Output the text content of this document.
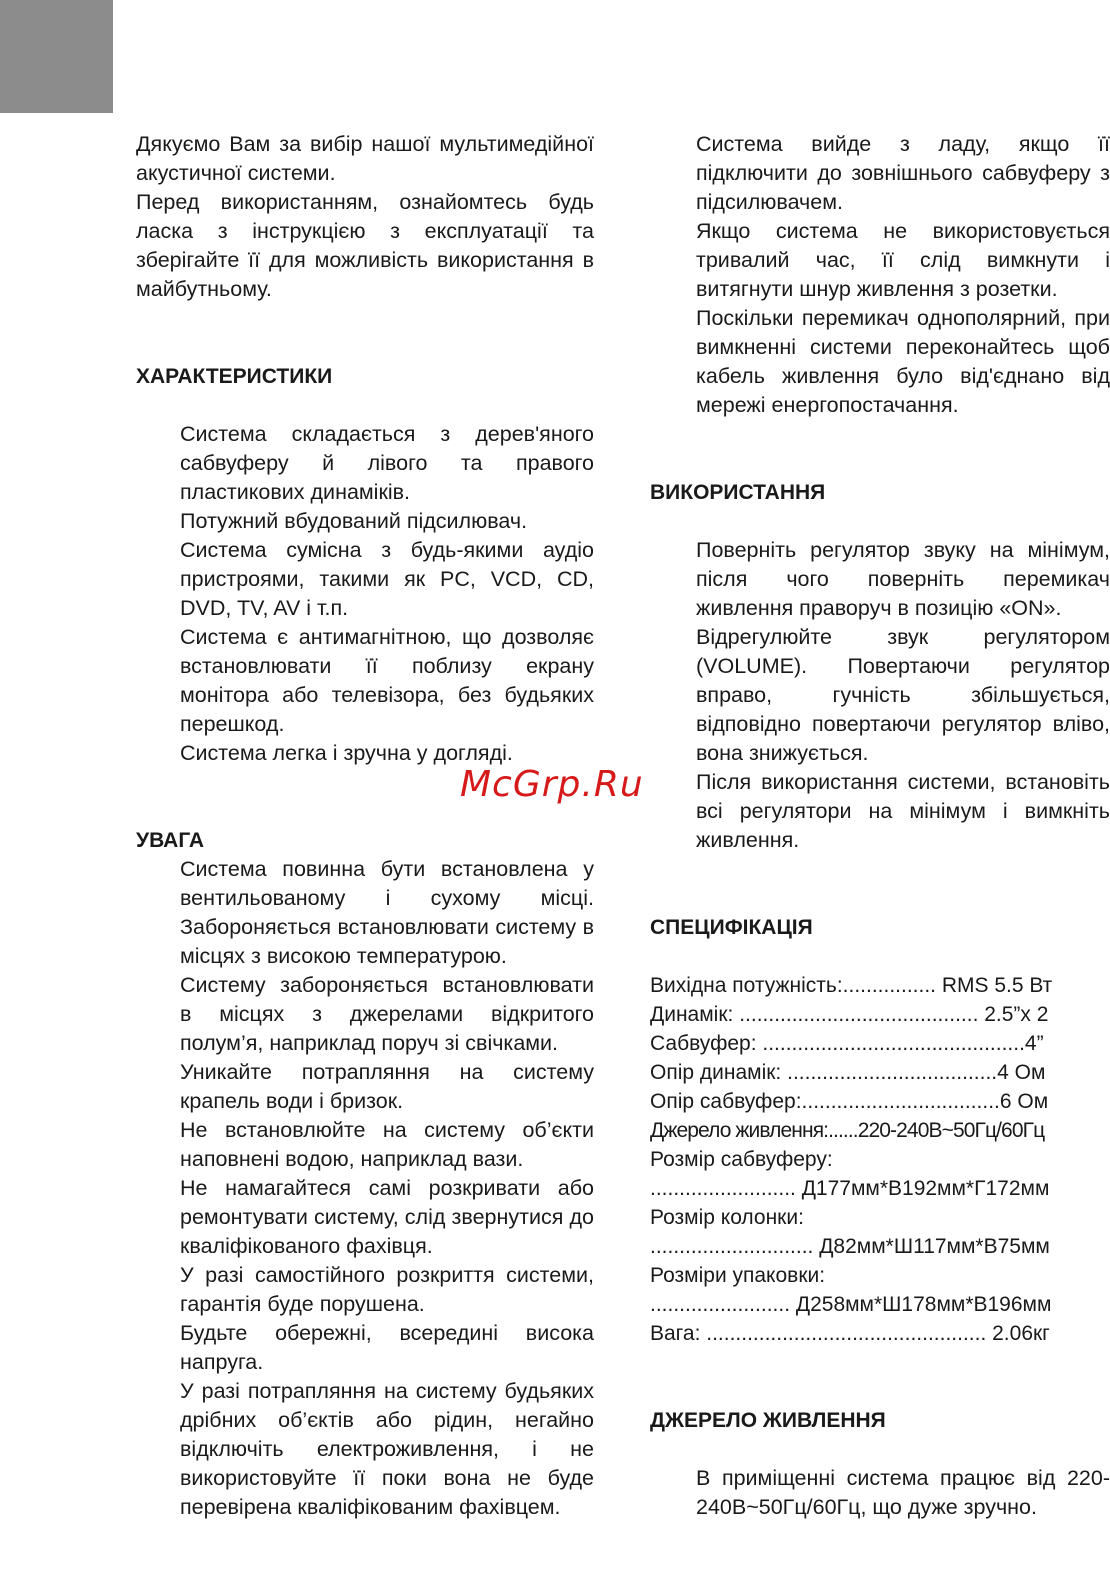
Дякуємо Вам за вибір нашої мультимедійної акустичної системи.

Перед використанням, ознайомтесь будь ласка з інструкцією з експлуатації та зберігайте її для можливість використання в майбутньому.

ХАРАКТЕРИСТИКИ

Система складається з дерев'яного сабвуферу й лівого та правого пластикових динаміків.

Потужний вбудований підсилювач.

Система сумісна з будь-якими аудіо пристроями, такими як PC, VCD, CD, DVD, TV, AV і т.п.

Система є антимагнітною, що дозволяє встановлювати її поблизу екрану монітора або телевізора, без будьяких перешкод.

Система легка і зручна у догляді.

УВАГА

Система повинна бути встановлена у вентильованому і сухому місці. Забороняється встановлювати систему в місцях з високою температурою.

Систему забороняється встановлювати в місцях з джерелами відкритого полум’я, наприклад поруч зі свічками.

Уникайте потрапляння на систему крапель води і бризок.

Не встановлюйте на систему об’єкти наповнені водою, наприклад вази.

Не намагайтеся самі розкривати або ремонтувати систему, слід звернутися до кваліфікованого фахівця.

У разі самостійного розкриття системи, гарантія буде порушена.

Будьте обережні, всередині висока напруга.

У разі потрапляння на систему будьяких дрібних об’єктів або рідин, негайно відключіть електроживлення, і не використовуйте її поки вона не буде перевірена кваліфікованим фахівцем.

Система вийде з ладу, якщо її підключити до зовнішнього сабвуферу з підсилювачем.

Якщо система не використовується тривалий час, її слід вимкнути і витягнути шнур живлення з розетки.

Поскільки перемикач однополярний, при вимкненні системи переконайтесь щоб кабель живлення було від'єднано від мережі енергопостачання.

ВИКОРИСТАННЯ

Поверніть регулятор звуку на мінімум, після чого поверніть перемикач живлення праворуч в позицію «ON».

Відрегулюйте звук регулятором (VOLUME). Повертаючи регулятор вправо, гучність збільшується, відповідно повертаючи регулятор вліво, вона знижується.

Після використання системи, встановіть всі регулятори на мінімум і вимкніть живлення.

СПЕЦИФІКАЦІЯ

Вихідна потужність:................ RMS 5.5 Вт

Динамік: ......................................... 2.5”х 2

Сабвуфер: .............................................4”

Опір динамік: ....................................4 Ом

Опір сабвуфер:..................................6 Ом

Джерело живлення:......220-240В~50Гц/60Гц

Розмір сабвуферу:

......................... Д177мм*В192мм*Г172мм

Розмір колонки:

............................ Д82мм*Ш117мм*В75мм

Розміри упаковки:

........................ Д258мм*Ш178мм*В196мм

Вага: ................................................ 2.06кг

ДЖЕРЕЛО ЖИВЛЕННЯ

В приміщенні система працює від 220-240В~50Гц/60Гц, що дуже зручно.

McGrp.Ru
